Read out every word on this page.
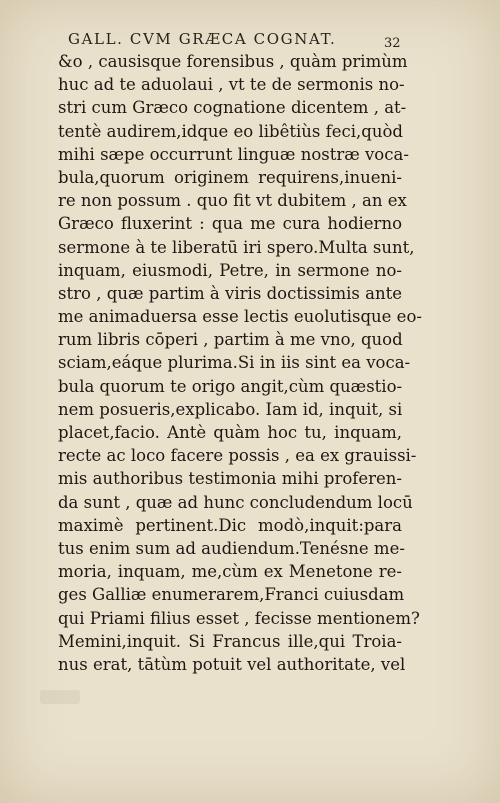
GALL. CVM GRÆCA COGNAT.	32
&o , causisque forensibus , quàm primùm
huc ad te aduolaui , vt te de sermonis no-
stri cum Græco cognatione dicentem , at-
tentè audirem,idque eo libêtiùs feci,quòd
mihi sæpe occurrunt linguæ nostræ voca-
bula,quorum originem requirens,inueni-
re non possum . quo fit vt dubitem , an ex
Græco fluxerint : qua me cura hodierno
sermone à te liberatū iri spero.Multa sunt,
inquam, eiusmodi, Petre, in sermone no-
stro , quæ partim à viris doctissimis ante
me animaduersa esse lectis euolutisque eo-
rum libris cōperi , partim à me vno, quod
sciam,eáque plurima.Si in iis sint ea voca-
bula quorum te origo angit,cùm quæstio-
nem posueris,explicabo. Iam id, inquit, si
placet,facio. Antè quàm hoc tu, inquam,
recte ac loco facere possis , ea ex grauissi-
mis authoribus testimonia mihi proferen-
da sunt , quæ ad hunc concludendum locū
maximè pertinent.Dic modò,inquit:para
tus enim sum ad audiendum.Tenésne me-
moria, inquam, me,cùm ex Menetone re-
ges Galliæ enumerarem,Franci cuiusdam
qui Priami filius esset , fecisse mentionem?
Memini,inquit. Si Francus ille,qui Troia-
nus erat, tātùm potuit vel authoritate, vel
